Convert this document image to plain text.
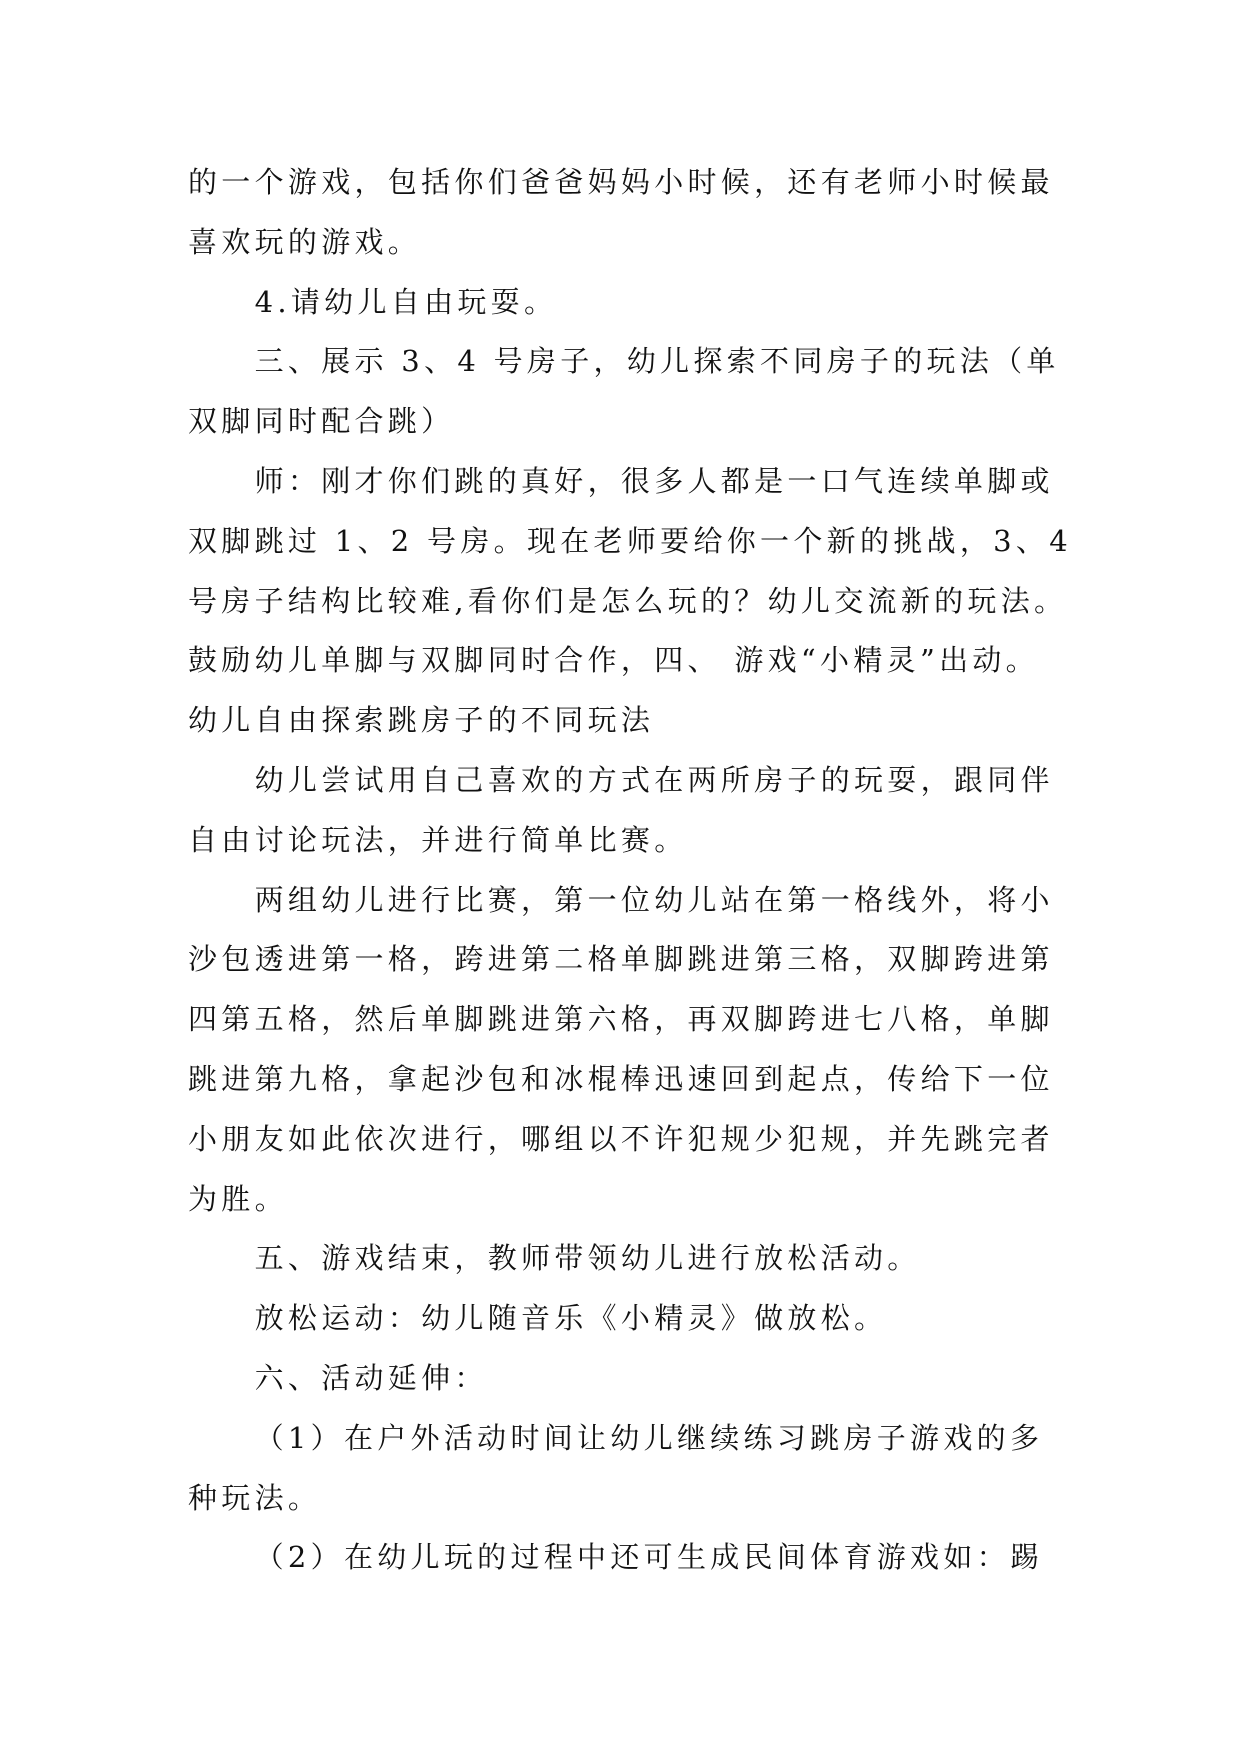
的一个游戏，包括你们爸爸妈妈小时候，还有老师小时候最
喜欢玩的游戏。
4.请幼儿自由玩耍。
三、展示 3、4 号房子，幼儿探索不同房子的玩法（单
双脚同时配合跳）
师：刚才你们跳的真好，很多人都是一口气连续单脚或
双脚跳过 1、2 号房。现在老师要给你一个新的挑战，3、4
号房子结构比较难,看你们是怎么玩的？幼儿交流新的玩法。
鼓励幼儿单脚与双脚同时合作，四、 游戏“小精灵”出动。
幼儿自由探索跳房子的不同玩法
幼儿尝试用自己喜欢的方式在两所房子的玩耍，跟同伴
自由讨论玩法，并进行简单比赛。
两组幼儿进行比赛，第一位幼儿站在第一格线外，将小
沙包透进第一格，跨进第二格单脚跳进第三格，双脚跨进第
四第五格，然后单脚跳进第六格，再双脚跨进七八格，单脚
跳进第九格，拿起沙包和冰棍棒迅速回到起点，传给下一位
小朋友如此依次进行，哪组以不许犯规少犯规，并先跳完者
为胜。
五、游戏结束，教师带领幼儿进行放松活动。
放松运动：幼儿随音乐《小精灵》做放松。
六、活动延伸：
（1）在户外活动时间让幼儿继续练习跳房子游戏的多
种玩法。
（2）在幼儿玩的过程中还可生成民间体育游戏如：踢
